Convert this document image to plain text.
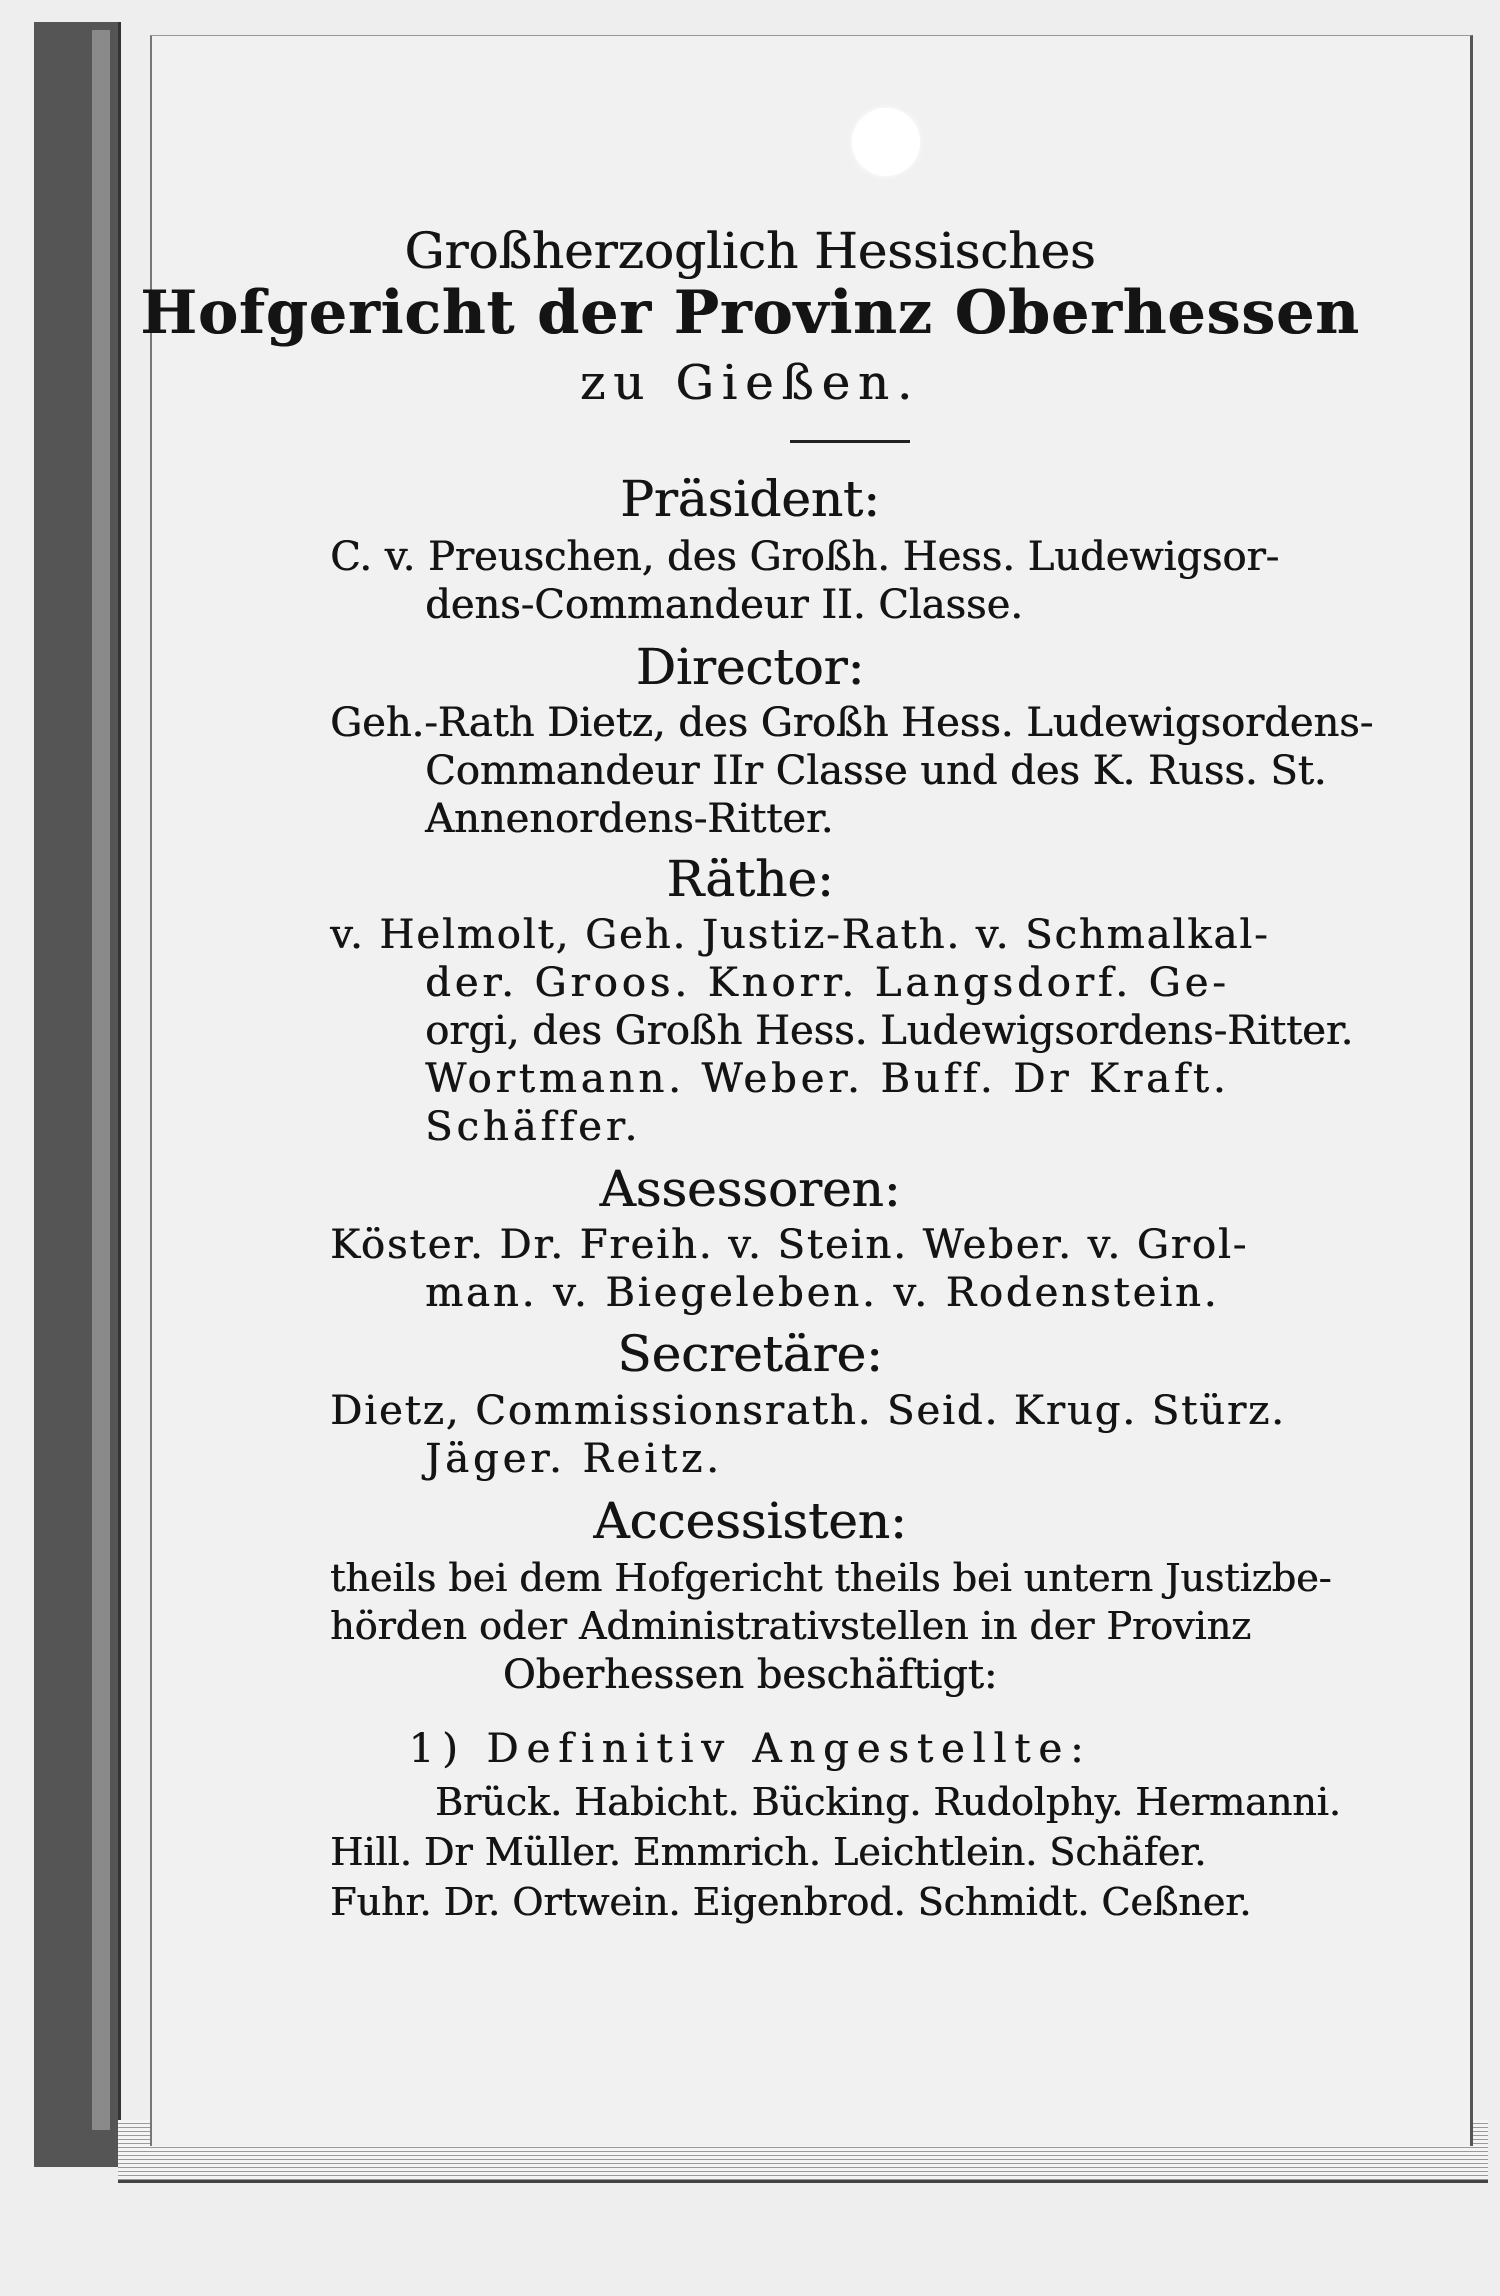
Großherzoglich Hessisches
Hofgericht der Provinz Oberhessen
zu Gießen.
Präsident:
C. v. Preuschen, des Großh. Hess. Ludewigsor-
dens-Commandeur II. Classe.
Director:
Geh.-Rath Dietz, des Großh Hess. Ludewigsordens-
Commandeur IIr Classe und des K. Russ. St.
Annenordens-Ritter.
Räthe:
v. Helmolt, Geh. Justiz-Rath. v. Schmalkal-
der. Groos. Knorr. Langsdorf. Ge-
orgi, des Großh Hess. Ludewigsordens-Ritter.
Wortmann. Weber. Buff. Dr Kraft.
Schäffer.
Assessoren:
Köster. Dr. Freih. v. Stein. Weber. v. Grol-
man. v. Biegeleben. v. Rodenstein.
Secretäre:
Dietz, Commissionsrath. Seid. Krug. Stürz.
Jäger. Reitz.
Accessisten:
theils bei dem Hofgericht theils bei untern Justizbe-
hörden oder Administrativstellen in der Provinz
Oberhessen beschäftigt:
1) Definitiv Angestellte:
Brück. Habicht. Bücking. Rudolphy. Hermanni.
Hill. Dr Müller. Emmrich. Leichtlein. Schäfer.
Fuhr. Dr. Ortwein. Eigenbrod. Schmidt. Ceßner.
